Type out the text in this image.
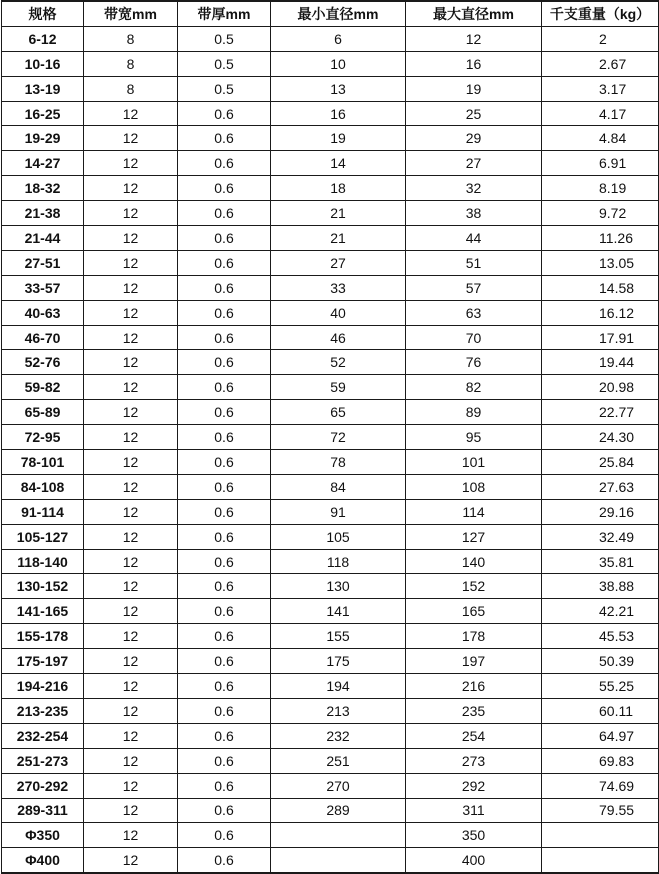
规格	带宽mm	带厚mm	最小直径mm	最大直径mm	千支重量（kg）
6-12	8	0.5	6	12	2
10-16	8	0.5	10	16	2.67
13-19	8	0.5	13	19	3.17
16-25	12	0.6	16	25	4.17
19-29	12	0.6	19	29	4.84
14-27	12	0.6	14	27	6.91
18-32	12	0.6	18	32	8.19
21-38	12	0.6	21	38	9.72
21-44	12	0.6	21	44	11.26
27-51	12	0.6	27	51	13.05
33-57	12	0.6	33	57	14.58
40-63	12	0.6	40	63	16.12
46-70	12	0.6	46	70	17.91
52-76	12	0.6	52	76	19.44
59-82	12	0.6	59	82	20.98
65-89	12	0.6	65	89	22.77
72-95	12	0.6	72	95	24.30
78-101	12	0.6	78	101	25.84
84-108	12	0.6	84	108	27.63
91-114	12	0.6	91	114	29.16
105-127	12	0.6	105	127	32.49
118-140	12	0.6	118	140	35.81
130-152	12	0.6	130	152	38.88
141-165	12	0.6	141	165	42.21
155-178	12	0.6	155	178	45.53
175-197	12	0.6	175	197	50.39
194-216	12	0.6	194	216	55.25
213-235	12	0.6	213	235	60.11
232-254	12	0.6	232	254	64.97
251-273	12	0.6	251	273	69.83
270-292	12	0.6	270	292	74.69
289-311	12	0.6	289	311	79.55
Φ350	12	0.6		350	
Φ400	12	0.6		400	
